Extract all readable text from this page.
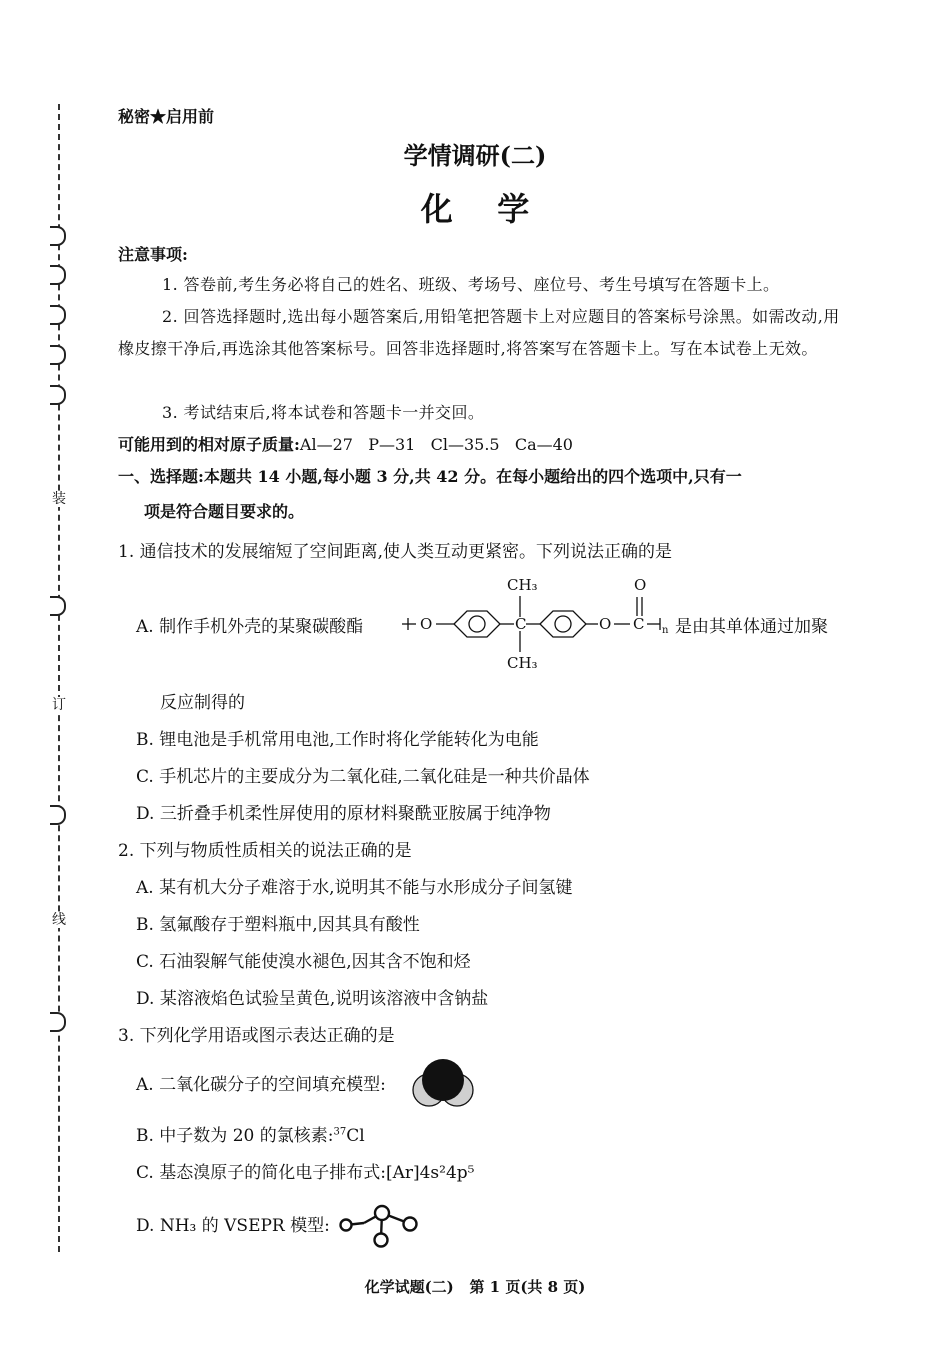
装
订
线
秘密★启用前
学情调研(二)
化    学
注意事项:
1. 答卷前,考生务必将自己的姓名、班级、考场号、座位号、考生号填写在答题卡上。
2. 回答选择题时,选出每小题答案后,用铅笔把答题卡上对应题目的答案标号涂黑。如需改动,用橡皮擦干净后,再选涂其他答案标号。回答非选择题时,将答案写在答题卡上。写在本试卷上无效。
3. 考试结束后,将本试卷和答题卡一并交回。
可能用到的相对原子质量:Al—27   P—31   Cl—35.5   Ca—40
一、选择题:本题共 14 小题,每小题 3 分,共 42 分。在每小题给出的四个选项中,只有一
项是符合题目要求的。
1. 通信技术的发展缩短了空间距离,使人类互动更紧密。下列说法正确的是
A. 制作手机外壳的某聚碳酸酯	O	C
CH₃
CH₃
O
O
C n 是由其单体通过加聚
反应制得的
B. 锂电池是手机常用电池,工作时将化学能转化为电能
C. 手机芯片的主要成分为二氧化硅,二氧化硅是一种共价晶体
D. 三折叠手机柔性屏使用的原材料聚酰亚胺属于纯净物
2. 下列与物质性质相关的说法正确的是
A. 某有机大分子难溶于水,说明其不能与水形成分子间氢键
B. 氢氟酸存于塑料瓶中,因其具有酸性
C. 石油裂解气能使溴水褪色,因其含不饱和烃
D. 某溶液焰色试验呈黄色,说明该溶液中含钠盐
3. 下列化学用语或图示表达正确的是
A. 二氧化碳分子的空间填充模型:
B. 中子数为 20 的氯核素:$^{37}$Cl
C. 基态溴原子的简化电子排布式:[Ar]4s²4p⁵
D. NH₃ 的 VSEPR 模型:
化学试题(二)   第 1 页(共 8 页)
